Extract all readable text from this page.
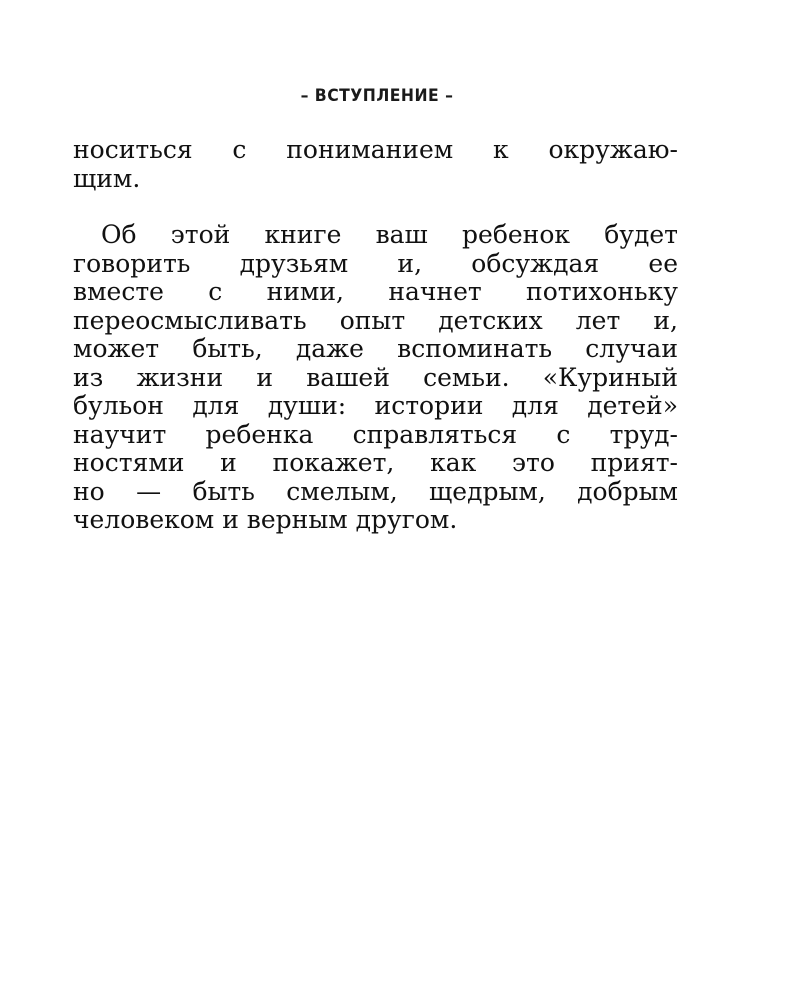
– ВСТУПЛЕНИЕ –
носиться с пониманием к окружаю-
щим.
Об этой книге ваш ребенок будет
говорить друзьям и, обсуждая ее
вместе с ними, начнет потихоньку
переосмысливать опыт детских лет и,
может быть, даже вспоминать случаи
из жизни и вашей семьи. «Куриный
бульон для души: истории для детей»
научит ребенка справляться с труд-
ностями и покажет, как это прият-
но — быть смелым, щедрым, добрым
человеком и верным другом.
